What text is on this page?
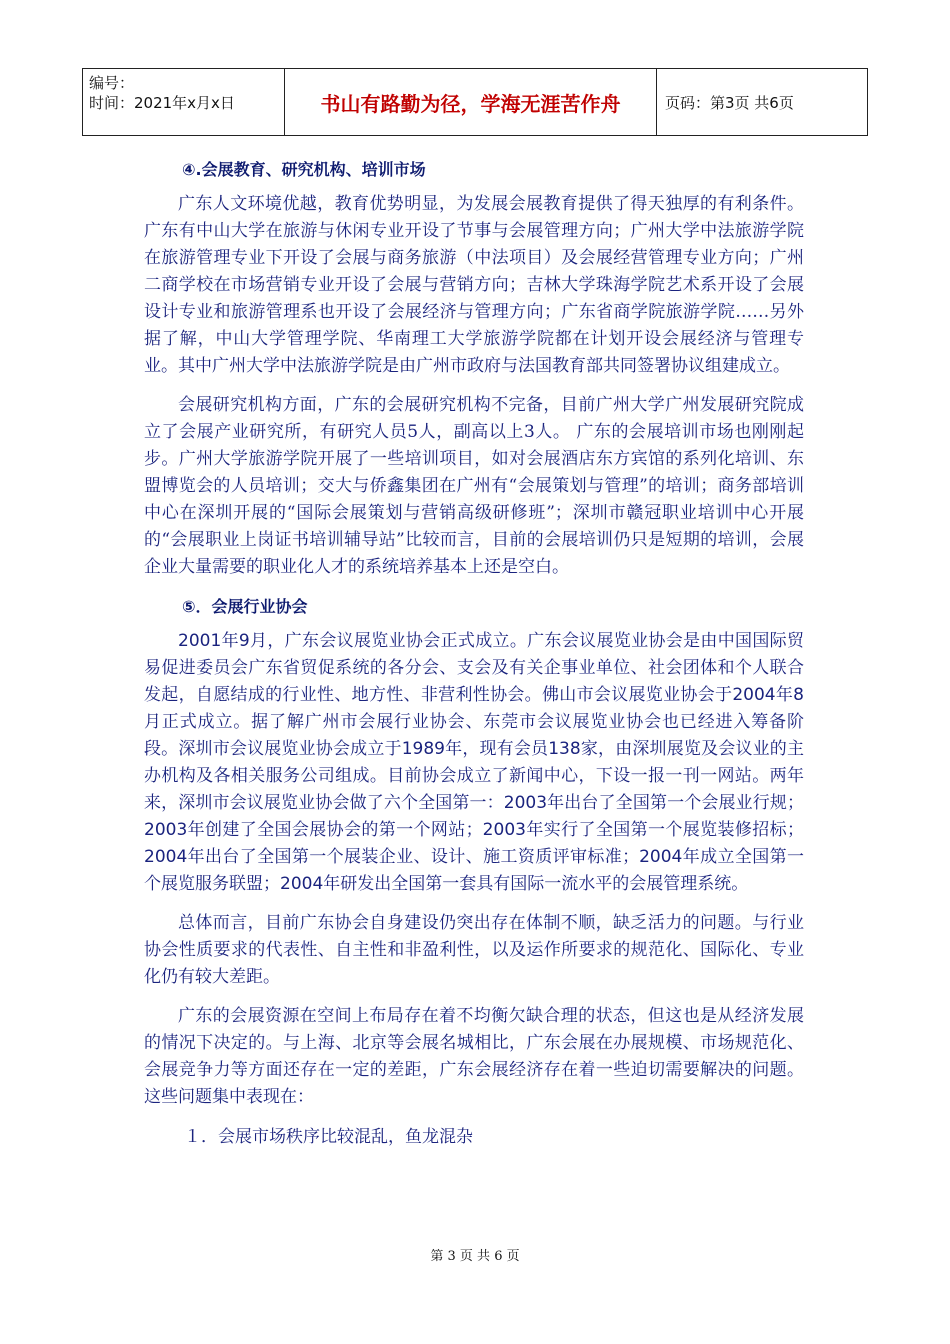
编号：
时间：2021年x月x日	书山有路勤为径，学海无涯苦作舟	页码：第3页 共6页
④.会展教育、研究机构、培训市场

广东人文环境优越，教育优势明显，为发展会展教育提供了得天独厚的有利条件。广东有中山大学在旅游与休闲专业开设了节事与会展管理方向；广州大学中法旅游学院在旅游管理专业下开设了会展与商务旅游（中法项目）及会展经营管理专业方向；广州二商学校在市场营销专业开设了会展与营销方向；吉林大学珠海学院艺术系开设了会展设计专业和旅游管理系也开设了会展经济与管理方向；广东省商学院旅游学院……另外据了解，中山大学管理学院、华南理工大学旅游学院都在计划开设会展经济与管理专业。其中广州大学中法旅游学院是由广州市政府与法国教育部共同签署协议组建成立。

会展研究机构方面，广东的会展研究机构不完备，目前广州大学广州发展研究院成立了会展产业研究所，有研究人员5人，副高以上3人。 广东的会展培训市场也刚刚起步。广州大学旅游学院开展了一些培训项目，如对会展酒店东方宾馆的系列化培训、东盟博览会的人员培训；交大与侨鑫集团在广州有“会展策划与管理”的培训；商务部培训中心在深圳开展的“国际会展策划与营销高级研修班”；深圳市赣冠职业培训中心开展的“会展职业上岗证书培训辅导站”比较而言，目前的会展培训仍只是短期的培训，会展企业大量需要的职业化人才的系统培养基本上还是空白。

⑤．会展行业协会

2001年9月，广东会议展览业协会正式成立。广东会议展览业协会是由中国国际贸易促进委员会广东省贸促系统的各分会、支会及有关企事业单位、社会团体和个人联合发起，自愿结成的行业性、地方性、非营利性协会。佛山市会议展览业协会于2004年8月正式成立。据了解广州市会展行业协会、东莞市会议展览业协会也已经进入筹备阶段。深圳市会议展览业协会成立于1989年，现有会员138家，由深圳展览及会议业的主办机构及各相关服务公司组成。目前协会成立了新闻中心，下设一报一刊一网站。两年来，深圳市会议展览业协会做了六个全国第一：2003年出台了全国第一个会展业行规；2003年创建了全国会展协会的第一个网站；2003年实行了全国第一个展览装修招标；2004年出台了全国第一个展装企业、设计、施工资质评审标准；2004年成立全国第一个展览服务联盟；2004年研发出全国第一套具有国际一流水平的会展管理系统。

总体而言，目前广东协会自身建设仍突出存在体制不顺，缺乏活力的问题。与行业协会性质要求的代表性、自主性和非盈利性，以及运作所要求的规范化、国际化、专业化仍有较大差距。

广东的会展资源在空间上布局存在着不均衡欠缺合理的状态，但这也是从经济发展的情况下决定的。与上海、北京等会展名城相比，广东会展在办展规模、市场规范化、会展竞争力等方面还存在一定的差距，广东会展经济存在着一些迫切需要解决的问题。这些问题集中表现在：

１．会展市场秩序比较混乱，鱼龙混杂

第 3 页 共 6 页
